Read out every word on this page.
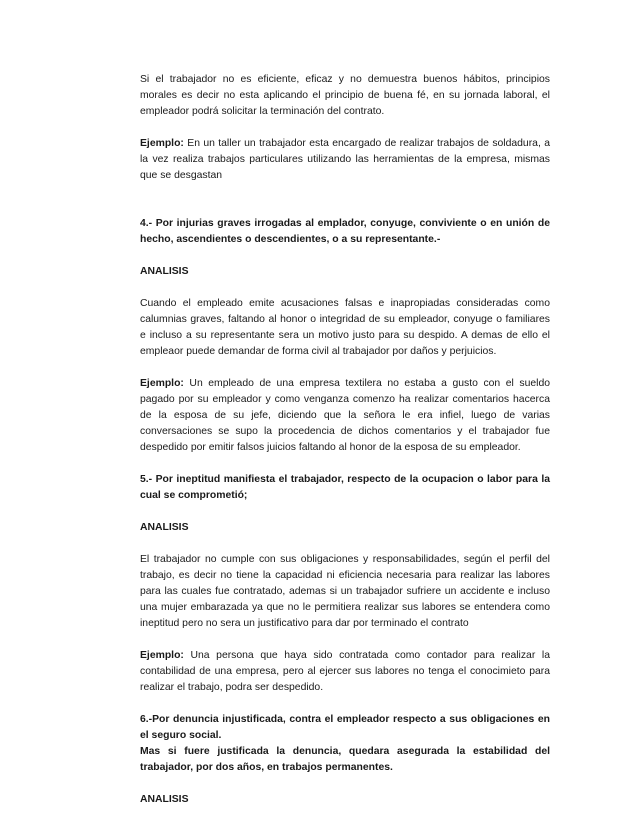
Si el trabajador no es eficiente, eficaz y no demuestra buenos hábitos, principios morales es decir no esta aplicando el principio de buena fé, en su jornada laboral, el empleador podrá solicitar la terminación del contrato.

Ejemplo: En un taller un trabajador esta encargado de realizar trabajos de soldadura, a la vez realiza trabajos particulares utilizando las herramientas de la empresa, mismas que se desgastan

4.- Por injurias graves irrogadas al emplador, conyuge, conviviente o en unión de hecho, ascendientes o descendientes, o a su representante.-

ANALISIS

Cuando el empleado emite acusaciones falsas e inapropiadas consideradas como calumnias graves, faltando al honor o integridad de su empleador, conyuge o familiares e incluso a su representante sera un motivo justo para su despido. A demas de ello el empleaor puede demandar de forma civil al trabajador por daños y perjuicios.

Ejemplo: Un empleado de una empresa textilera no estaba a gusto con el sueldo pagado por su empleador y como venganza comenzo ha realizar comentarios hacerca de la esposa de su jefe, diciendo que la señora le era infiel, luego de varias conversaciones se supo la procedencia de dichos comentarios y el trabajador fue despedido por emitir falsos juicios faltando al honor de la esposa de su empleador.

5.- Por ineptitud manifiesta el trabajador, respecto de la ocupacion o labor para la cual se comprometió;

ANALISIS

El trabajador no cumple con sus obligaciones y responsabilidades, según el perfil del trabajo, es decir no tiene la capacidad ni eficiencia necesaria para realizar las labores para las cuales fue contratado, ademas si un trabajador sufriere un accidente e incluso una mujer embarazada ya que no le permitiera realizar sus labores se entendera como ineptitud pero no sera un justificativo para dar por terminado el contrato

Ejemplo: Una persona que haya sido contratada como contador para realizar la contabilidad de una empresa, pero al ejercer sus labores no tenga el conocimieto para realizar el trabajo, podra ser despedido.

6.-Por denuncia injustificada, contra el empleador respecto a sus obligaciones en el seguro social.

Mas si fuere justificada la denuncia, quedara asegurada la estabilidad del trabajador, por dos años, en trabajos permanentes.

ANALISIS
